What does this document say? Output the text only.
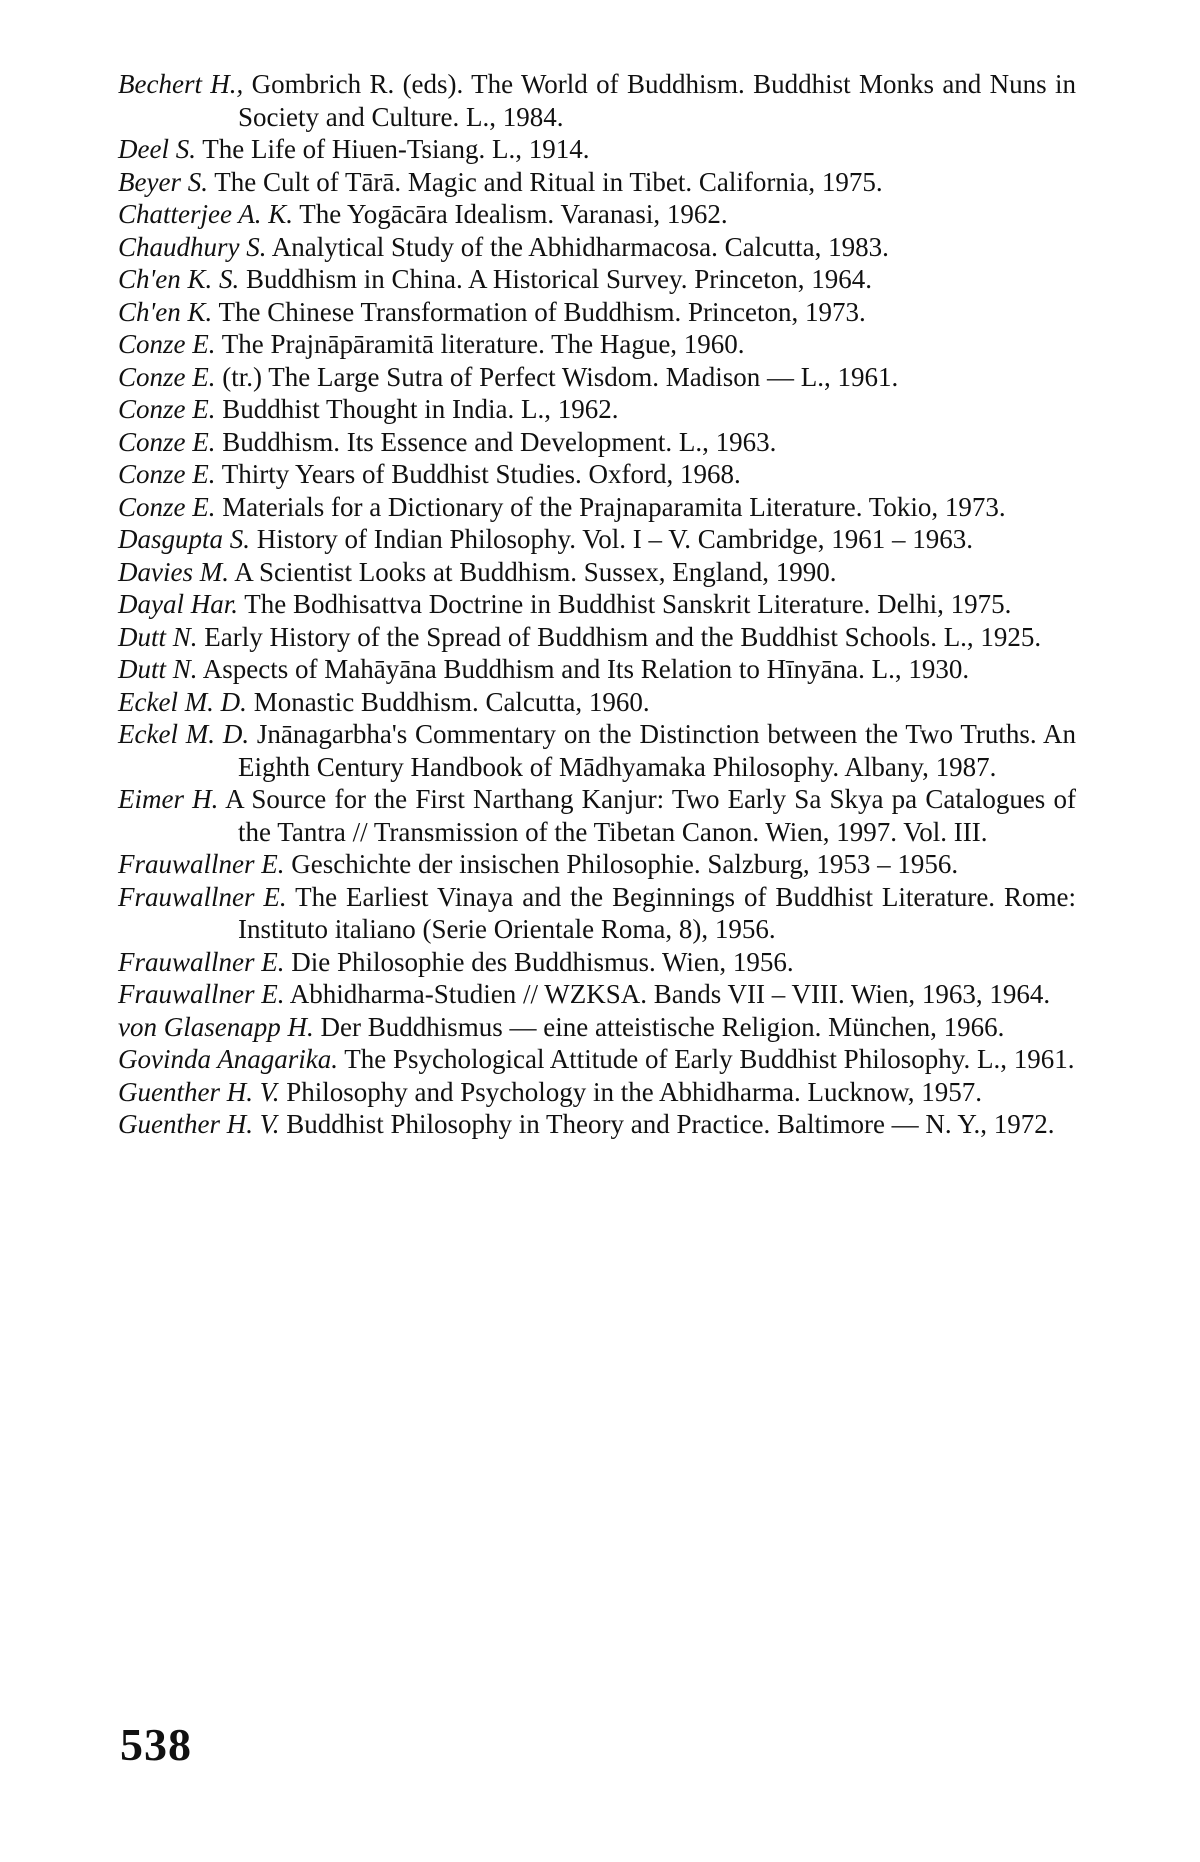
Bechert H., Gombrich R. (eds). The World of Buddhism. Buddhist Monks and Nuns in Society and Culture. L., 1984.
Deel S. The Life of Hiuen-Tsiang. L., 1914.
Beyer S. The Cult of Tārā. Magic and Ritual in Tibet. California, 1975.
Chatterjee A. K. The Yogācāra Idealism. Varanasi, 1962.
Chaudhury S. Analytical Study of the Abhidharmacosa. Calcutta, 1983.
Ch'en K. S. Buddhism in China. A Historical Survey. Princeton, 1964.
Ch'en K. The Chinese Transformation of Buddhism. Princeton, 1973.
Conze E. The Prajnāpāramitā literature. The Hague, 1960.
Conze E. (tr.) The Large Sutra of Perfect Wisdom. Madison — L., 1961.
Conze E. Buddhist Thought in India. L., 1962.
Conze E. Buddhism. Its Essence and Development. L., 1963.
Conze E. Thirty Years of Buddhist Studies. Oxford, 1968.
Conze E. Materials for a Dictionary of the Prajnaparamita Literature. Tokio, 1973.
Dasgupta S. History of Indian Philosophy. Vol. I – V. Cambridge, 1961 – 1963.
Davies M. A Scientist Looks at Buddhism. Sussex, England, 1990.
Dayal Har. The Bodhisattva Doctrine in Buddhist Sanskrit Literature. Delhi, 1975.
Dutt N. Early History of the Spread of Buddhism and the Buddhist Schools. L., 1925.
Dutt N. Aspects of Mahāyāna Buddhism and Its Relation to Hīnyāna. L., 1930.
Eckel M. D. Monastic Buddhism. Calcutta, 1960.
Eckel M. D. Jnānagarbha's Commentary on the Distinction between the Two Truths. An Eighth Century Handbook of Mādhyamaka Philosophy. Albany, 1987.
Eimer H. A Source for the First Narthang Kanjur: Two Early Sa Skya pa Catalogues of the Tantra // Transmission of the Tibetan Canon. Wien, 1997. Vol. III.
Frauwallner E. Geschichte der insischen Philosophie. Salzburg, 1953 – 1956.
Frauwallner E. The Earliest Vinaya and the Beginnings of Buddhist Literature. Rome: Instituto italiano (Serie Orientale Roma, 8), 1956.
Frauwallner E. Die Philosophie des Buddhismus. Wien, 1956.
Frauwallner E. Abhidharma-Studien // WZKSA. Bands VII – VIII. Wien, 1963, 1964.
von Glasenapp H. Der Buddhismus — eine atteistische Religion. München, 1966.
Govinda Anagarika. The Psychological Attitude of Early Buddhist Philosophy. L., 1961.
Guenther H. V. Philosophy and Psychology in the Abhidharma. Lucknow, 1957.
Guenther H. V. Buddhist Philosophy in Theory and Practice. Baltimore — N. Y., 1972.
538
